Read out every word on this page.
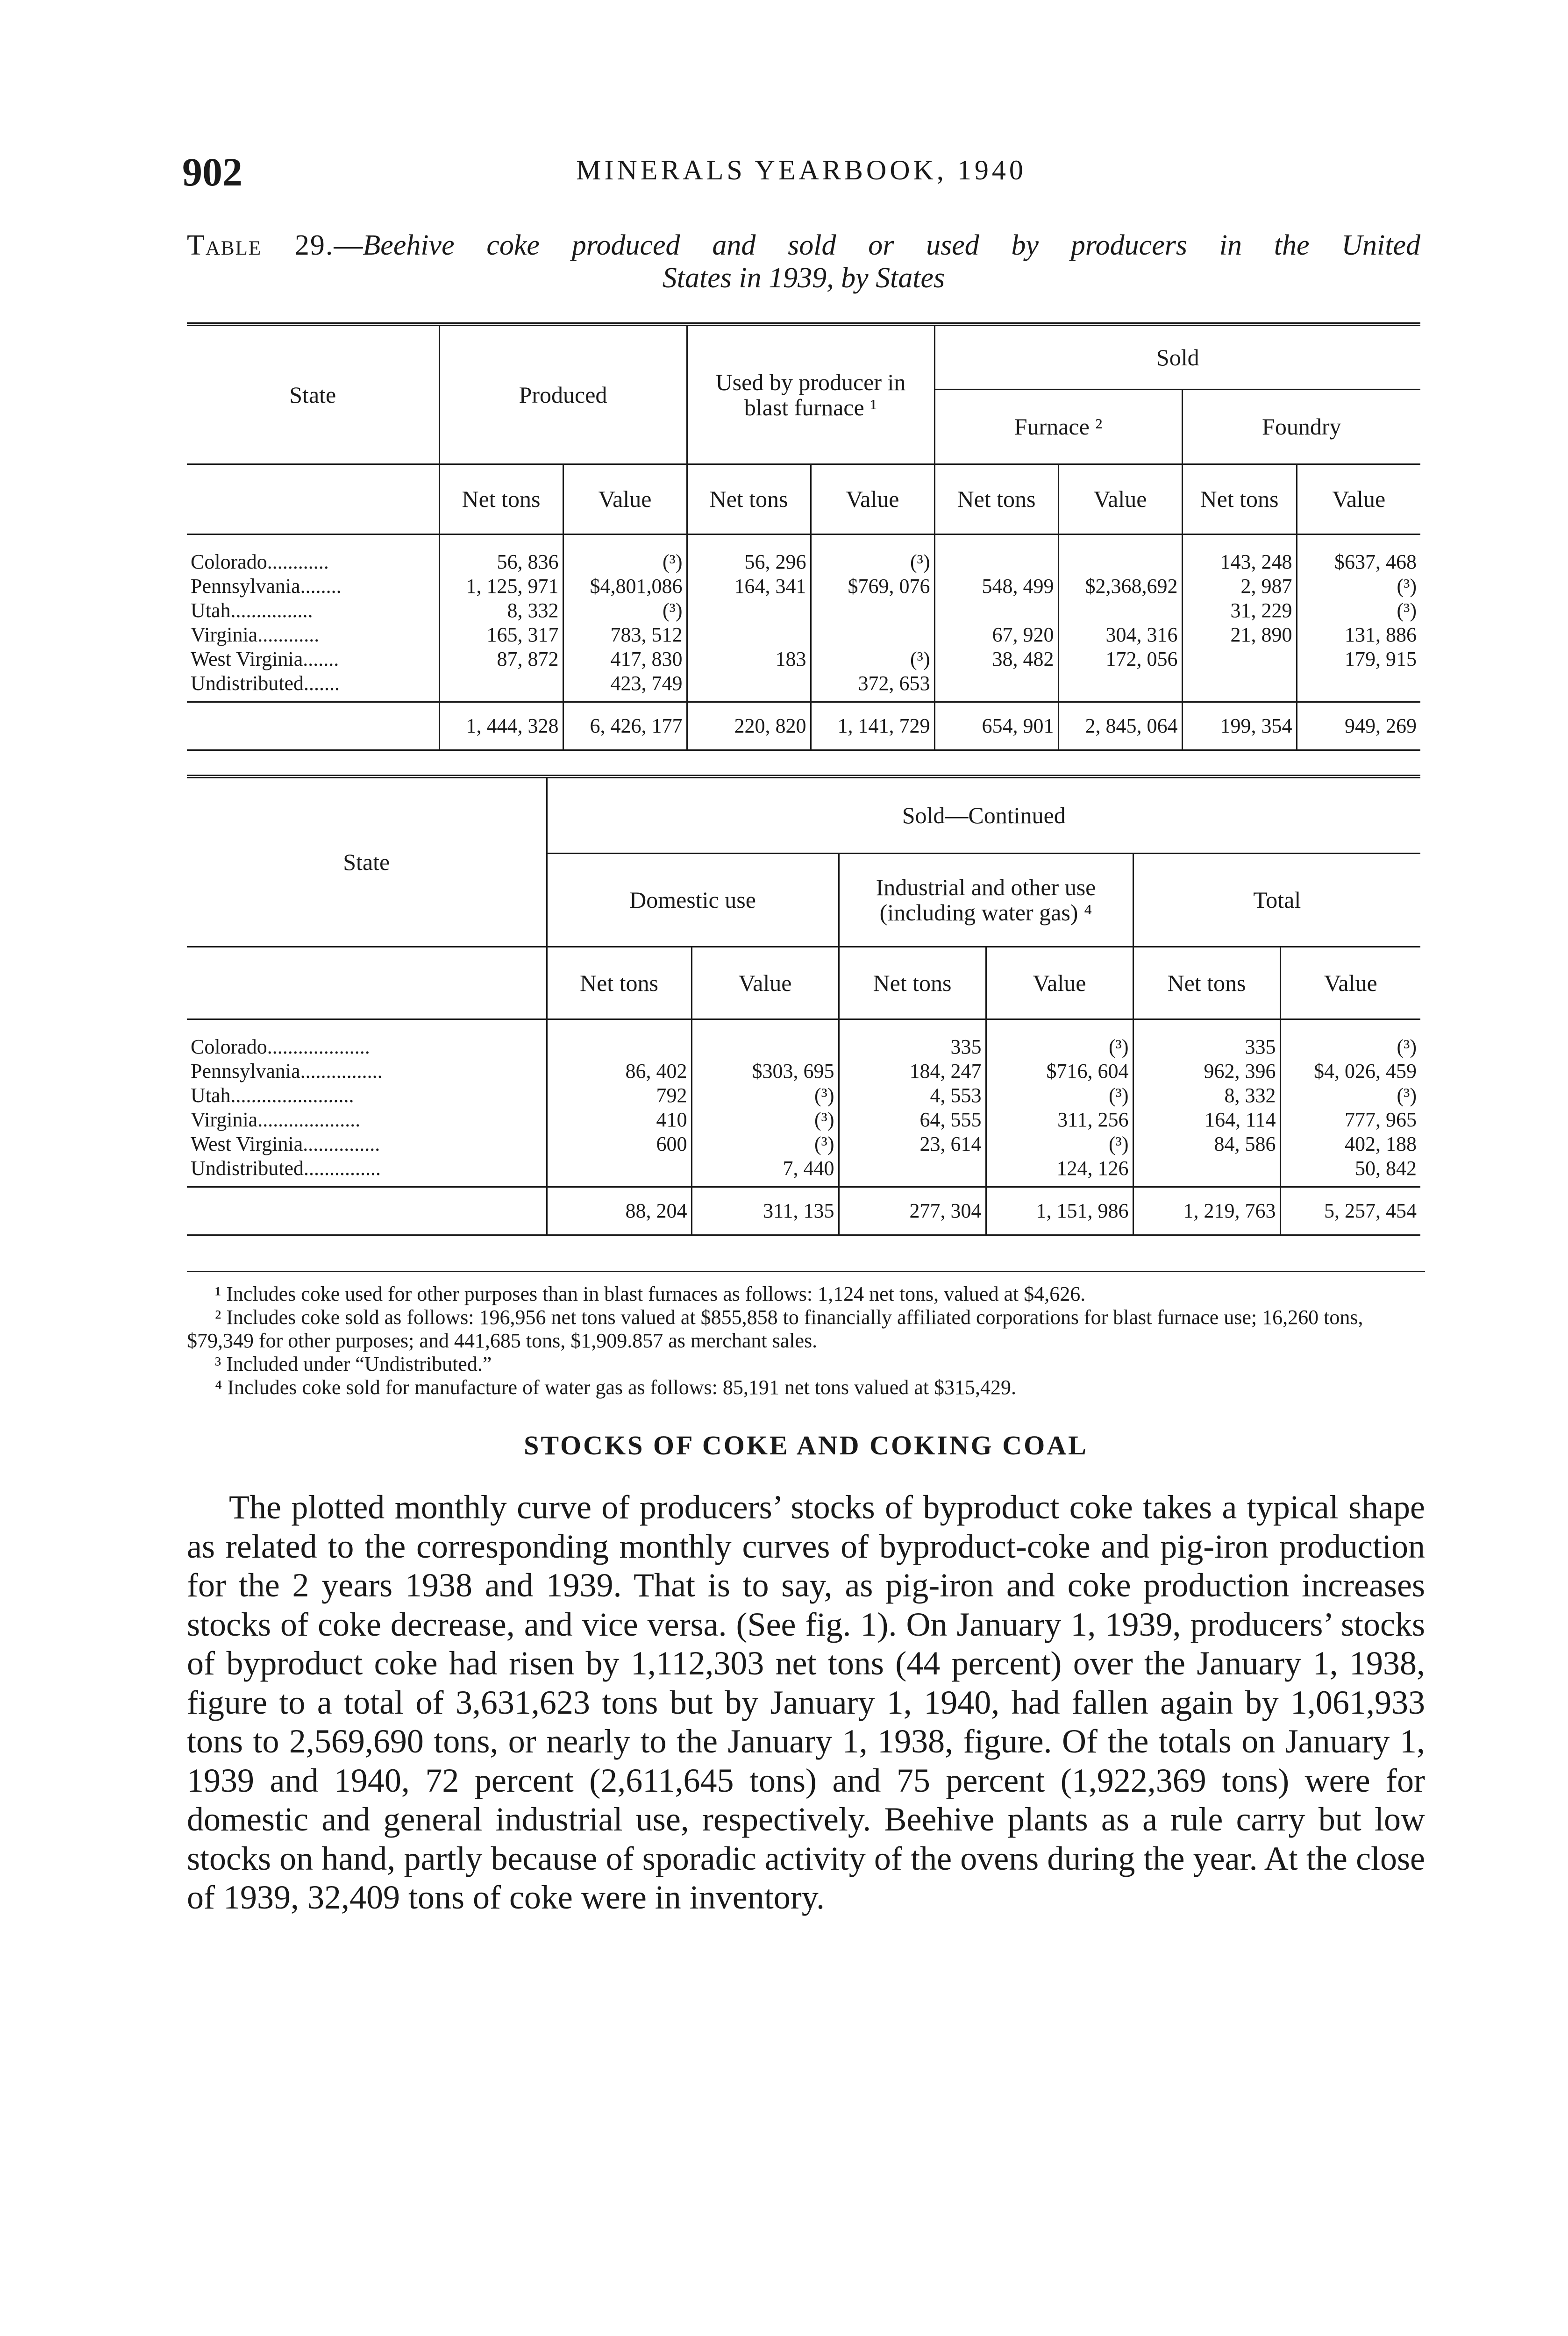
902	MINERALS YEARBOOK, 1940
Table 29.—Beehive coke produced and sold or used by producers in the United
States in 1939, by States

State	Produced		Used by producer in blast furnace ¹		Sold			
					Furnace ²		Foundry	
	Net tons	Value	Net tons	Value	Net tons	Value	Net tons	Value
Colorado............	56, 836	(³)	56, 296	(³)			143, 248	$637, 468
Pennsylvania........	1, 125, 971	$4,801,086	164, 341	$769, 076	548, 499	$2,368,692	2, 987	(³)
Utah................	8, 332	(³)					31, 229	(³)
Virginia............	165, 317	783, 512			67, 920	304, 316	21, 890	131, 886
West Virginia.......	87, 872	417, 830	183	(³)	38, 482	172, 056		179, 915
Undistributed.......		423, 749		372, 653				
	1, 444, 328	6, 426, 177	220, 820	1, 141, 729	654, 901	2, 845, 064	199, 354	949, 269

State	Sold—Continued					
	Domestic use		Industrial and other use (including water gas) ⁴		Total	
	Net tons	Value	Net tons	Value	Net tons	Value
Colorado....................			335	(³)	335	(³)
Pennsylvania................	86, 402	$303, 695	184, 247	$716, 604	962, 396	$4, 026, 459
Utah........................	792	(³)	4, 553	(³)	8, 332	(³)
Virginia....................	410	(³)	64, 555	311, 256	164, 114	777, 965
West Virginia...............	600	(³)	23, 614	(³)	84, 586	402, 188
Undistributed...............		7, 440		124, 126		50, 842
	88, 204	311, 135	277, 304	1, 151, 986	1, 219, 763	5, 257, 454
¹ Includes coke used for other purposes than in blast furnaces as follows: 1,124 net tons, valued at $4,626.
² Includes coke sold as follows: 196,956 net tons valued at $855,858 to financially affiliated corporations for blast furnace use; 16,260 tons, $79,349 for other purposes; and 441,685 tons, $1,909.857 as merchant sales.
³ Included under “Undistributed.”
⁴ Includes coke sold for manufacture of water gas as follows: 85,191 net tons valued at $315,429.
STOCKS OF COKE AND COKING COAL

The plotted monthly curve of producers’ stocks of byproduct coke takes a typical shape as related to the corresponding monthly curves of byproduct-coke and pig-iron production for the 2 years 1938 and 1939. That is to say, as pig-iron and coke production increases stocks of coke decrease, and vice versa. (See fig. 1). On January 1, 1939, producers’ stocks of byproduct coke had risen by 1,112,303 net tons (44 percent) over the January 1, 1938, figure to a total of 3,631,623 tons but by January 1, 1940, had fallen again by 1,061,933 tons to 2,569,690 tons, or nearly to the January 1, 1938, figure. Of the totals on January 1, 1939 and 1940, 72 percent (2,611,645 tons) and 75 percent (1,922,369 tons) were for domestic and general industrial use, respectively. Beehive plants as a rule carry but low stocks on hand, partly because of sporadic activity of the ovens during the year. At the close of 1939, 32,409 tons of coke were in inventory.
